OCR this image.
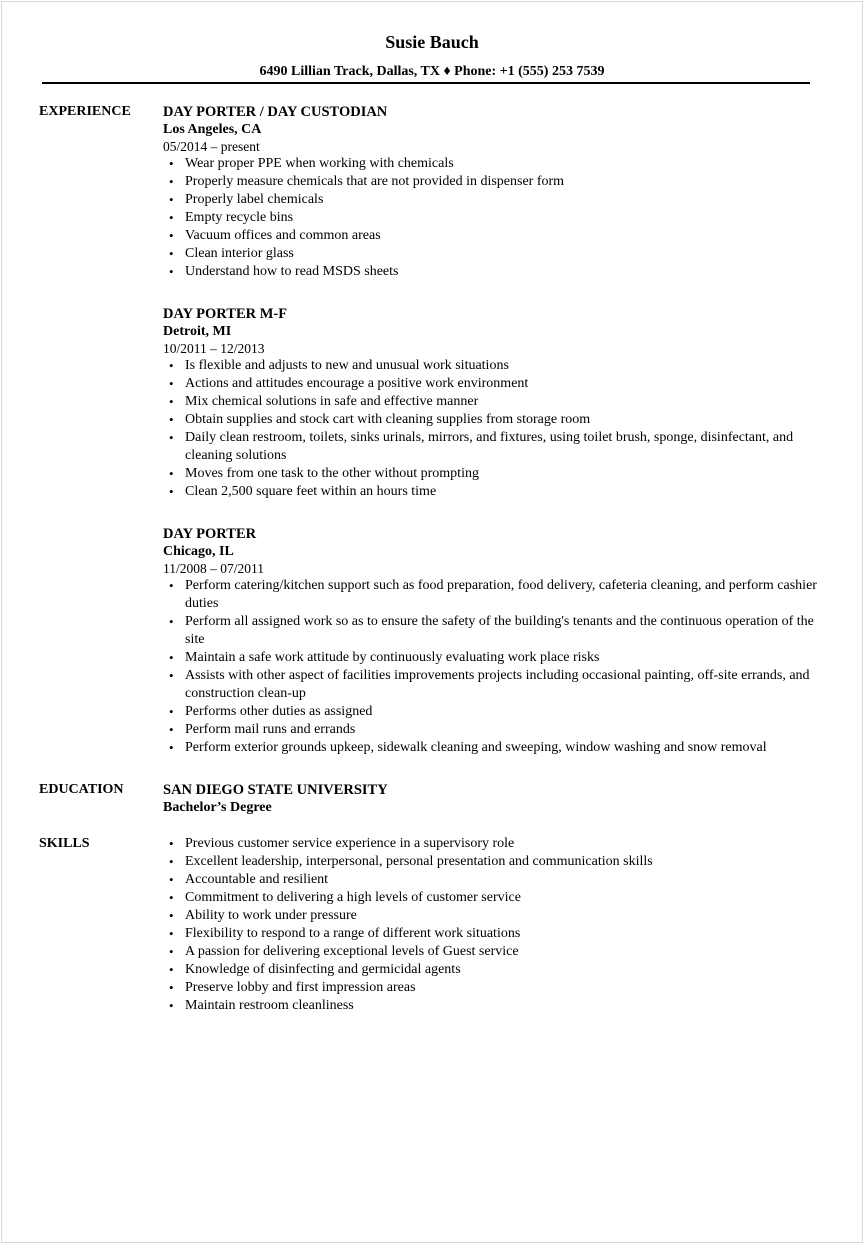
Susie Bauch
6490 Lillian Track, Dallas, TX ♦ Phone: +1 (555) 253 7539
EXPERIENCE DAY PORTER / DAY CUSTODIAN
Los Angeles, CA
05/2014 – present
• Wear proper PPE when working with chemicals
• Properly measure chemicals that are not provided in dispenser form
• Properly label chemicals
• Empty recycle bins
• Vacuum offices and common areas
• Clean interior glass
• Understand how to read MSDS sheets
DAY PORTER M-F
Detroit, MI
10/2011 – 12/2013
• Is flexible and adjusts to new and unusual work situations
• Actions and attitudes encourage a positive work environment
• Mix chemical solutions in safe and effective manner
• Obtain supplies and stock cart with cleaning supplies from storage room
• Daily clean restroom, toilets, sinks urinals, mirrors, and fixtures, using toilet brush, sponge, disinfectant, and cleaning solutions
• Moves from one task to the other without prompting
• Clean 2,500 square feet within an hours time
DAY PORTER
Chicago, IL
11/2008 – 07/2011
• Perform catering/kitchen support such as food preparation, food delivery, cafeteria cleaning, and perform cashier duties
• Perform all assigned work so as to ensure the safety of the building's tenants and the continuous operation of the site
• Maintain a safe work attitude by continuously evaluating work place risks
• Assists with other aspect of facilities improvements projects including occasional painting, off-site errands, and construction clean-up
• Performs other duties as assigned
• Perform mail runs and errands
• Perform exterior grounds upkeep, sidewalk cleaning and sweeping, window washing and snow removal
EDUCATION	SAN DIEGO STATE UNIVERSITY
Bachelor’s Degree
SKILLS
•	Previous customer service experience in a supervisory role
• Excellent leadership, interpersonal, personal presentation and communication skills
• Accountable and resilient
• Commitment to delivering a high levels of customer service
• Ability to work under pressure
• Flexibility to respond to a range of different work situations
• A passion for delivering exceptional levels of Guest service
• Knowledge of disinfecting and germicidal agents
• Preserve lobby and first impression areas
• Maintain restroom cleanliness
